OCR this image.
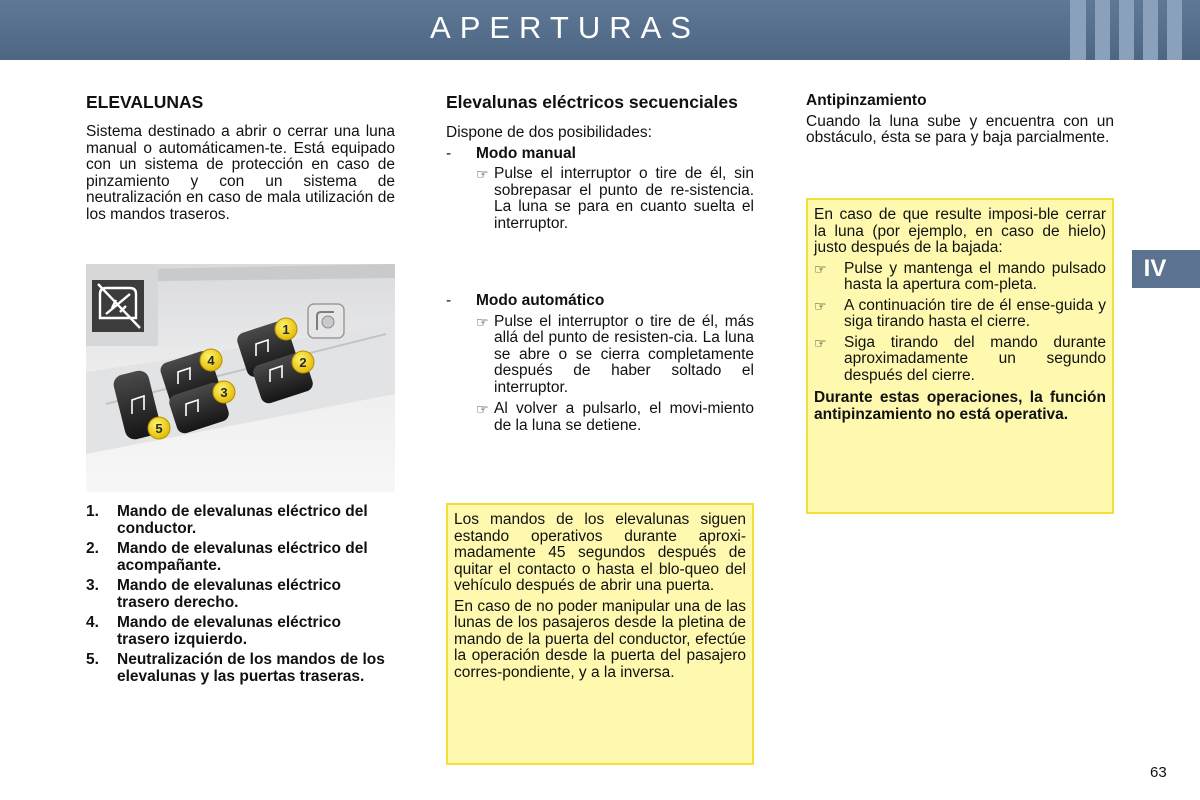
APERTURAS
IV
ELEVALUNAS

Sistema destinado a abrir o cerrar una luna manual o automáticamen-te. Está equipado con un sistema de protección en caso de pinzamiento y con un sistema de neutralización en caso de mala utilización de los mandos traseros.

1
2
3
4
5
1.	Mando de elevalunas eléctrico del conductor.
2.	Mando de elevalunas eléctrico del acompañante.
3.	Mando de elevalunas eléctrico trasero derecho.
4.	Mando de elevalunas eléctrico trasero izquierdo.
5.	Neutralización de los mandos de los elevalunas y las puertas traseras.
Elevalunas eléctricos secuenciales

Dispone de dos posibilidades:

-	Modo manual
☞ Pulse el interruptor o tire de él, sin sobrepasar el punto de re-sistencia. La luna se para en cuanto suelta el interruptor.
-	Modo automático
☞ Pulse el interruptor o tire de él, más allá del punto de resisten-cia. La luna se abre o se cierra completamente después de haber soltado el interruptor.
☞ Al volver a pulsarlo, el movi-miento de la luna se detiene.

Los mandos de los elevalunas siguen estando operativos durante aproxi-madamente 45 segundos después de quitar el contacto o hasta el blo-queo del vehículo después de abrir una puerta.

En caso de no poder manipular una de las lunas de los pasajeros desde la pletina de mando de la puerta del conductor, efectúe la operación desde la puerta del pasajero corres-pondiente, y a la inversa.

Antipinzamiento

Cuando la luna sube y encuentra con un obstáculo, ésta se para y baja parcialmente.

En caso de que resulte imposi-ble cerrar la luna (por ejemplo, en caso de hielo) justo después de la bajada:

☞	Pulse y mantenga el mando pulsado hasta la apertura com-pleta.
☞	A continuación tire de él ense-guida y siga tirando hasta el cierre.
☞	Siga tirando del mando durante aproximadamente un segundo después del cierre.

Durante estas operaciones, la función antipinzamiento no está operativa.

63
